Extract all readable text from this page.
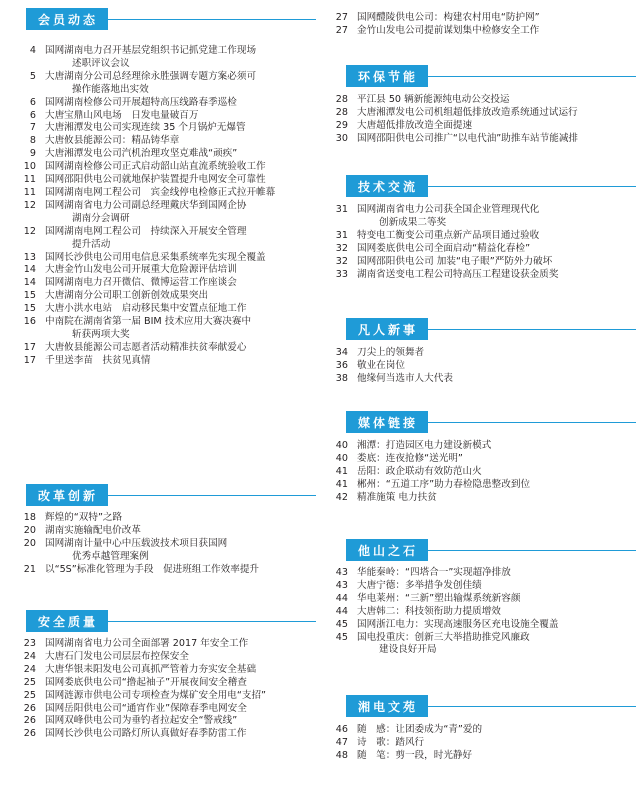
会员动态
4 国网湖南电力召开基层党组织书记抓党建工作现场
述职评议会议
5 大唐湖南分公司总经理徐永胜强调专题方案必须可
操作能落地出实效
6 国网湖南检修公司开展超特高压线路春季巡检
6 大唐宝鼎山风电场　日发电量破百万
7 大唐湘潭发电公司实现连续 35 个月锅炉无爆管
8 大唐攸县能源公司：精品铸华章
9 大唐湘潭发电公司汽机治理攻坚克难战“顽疾”
10 国网湖南检修公司正式启动韶山站直流系统验收工作
11 国网邵阳供电公司就地保护装置提升电网安全可靠性
11 国网湖南电网工程公司　宾金线停电检修正式拉开帷幕
12 国网湖南省电力公司副总经理戴庆华到国网企协
湖南分会调研
12 国网湖南电网工程公司　持续深入开展安全管理
提升活动
13 国网长沙供电公司用电信息采集系统率先实现全覆盖
14 大唐金竹山发电公司开展重大危险源评估培训
14 国网湖南电力召开微信、微博运营工作座谈会
15 大唐湖南分公司职工创新创效成果突出
15 大唐小洪水电站　启动移民集中安置点征地工作
16 中南院在湖南省第一届 BIM 技术应用大赛决赛中
斩获两项大奖
17 大唐攸县能源公司志愿者活动精准扶贫奉献爱心
17 千里送李苗　扶贫见真情
改革创新
18 辉煌的“双特”之路
20 湖南实施输配电价改革
20 国网湖南计量中心中压载波技术项目获国网
优秀卓越管理案例
21 以“5S”标准化管理为手段　促进班组工作效率提升
安全质量
23 国网湖南省电力公司全面部署 2017 年安全工作
24 大唐石门发电公司层层布控保安全
24 大唐华银耒阳发电公司真抓严管着力夯实安全基础
25 国网娄底供电公司“撸起袖子”开展夜间安全稽查
25 国网涟源市供电公司专项检查为煤矿安全用电“支招”
26 国网岳阳供电公司“通宵作业”保障春季电网安全
26 国网双峰供电公司为垂钓者拉起安全“警戒线”
26 国网长沙供电公司路灯所认真做好春季防雷工作
27 国网醴陵供电公司：构建农村用电“防护网”
27 金竹山发电公司提前谋划集中检修安全工作
环保节能
28 平江县 50 辆新能源纯电动公交投运
28 大唐湘潭发电公司机组超低排放改造系统通过试运行
29 大唐超低排放改造全面提速
30 国网邵阳供电公司推广“以电代油”助推车站节能减排
技术交流
31 国网湖南省电力公司获全国企业管理现代化
创新成果二等奖
31 特变电工衡变公司重点新产品项目通过验收
32 国网娄底供电公司全面启动“精益化春检”
32 国网邵阳供电公司 加装“电子眼”严防外力破坏
33 湖南省送变电工程公司特高压工程建设获金质奖
凡人新事
34 刀尖上的领舞者
36 敬业在岗位
38 他缘何当选市人大代表
媒体链接
40 湘潭：打造园区电力建设新模式
40 娄底：连夜抢修“送光明”
41 岳阳：政企联动有效防范山火
41 郴州：“五道工序”助力春检隐患整改到位
42 精准施策 电力扶贫
他山之石
43 华能秦岭：“四塔合一”实现超净排放
43 大唐宁德：多举措争发创佳绩
44 华电莱州：“三新”塑出输煤系统新容颜
44 大唐韩二：科技领衔助力提质增效
45 国网浙江电力：实现高速服务区充电设施全覆盖
45 国电投重庆：创新三大举措助推党风廉政
建设良好开局
湘电文苑
46 随　感：让团委成为“青”爱的
47 诗　歌：踏风行
48 随　笔：剪一段，时光静好
